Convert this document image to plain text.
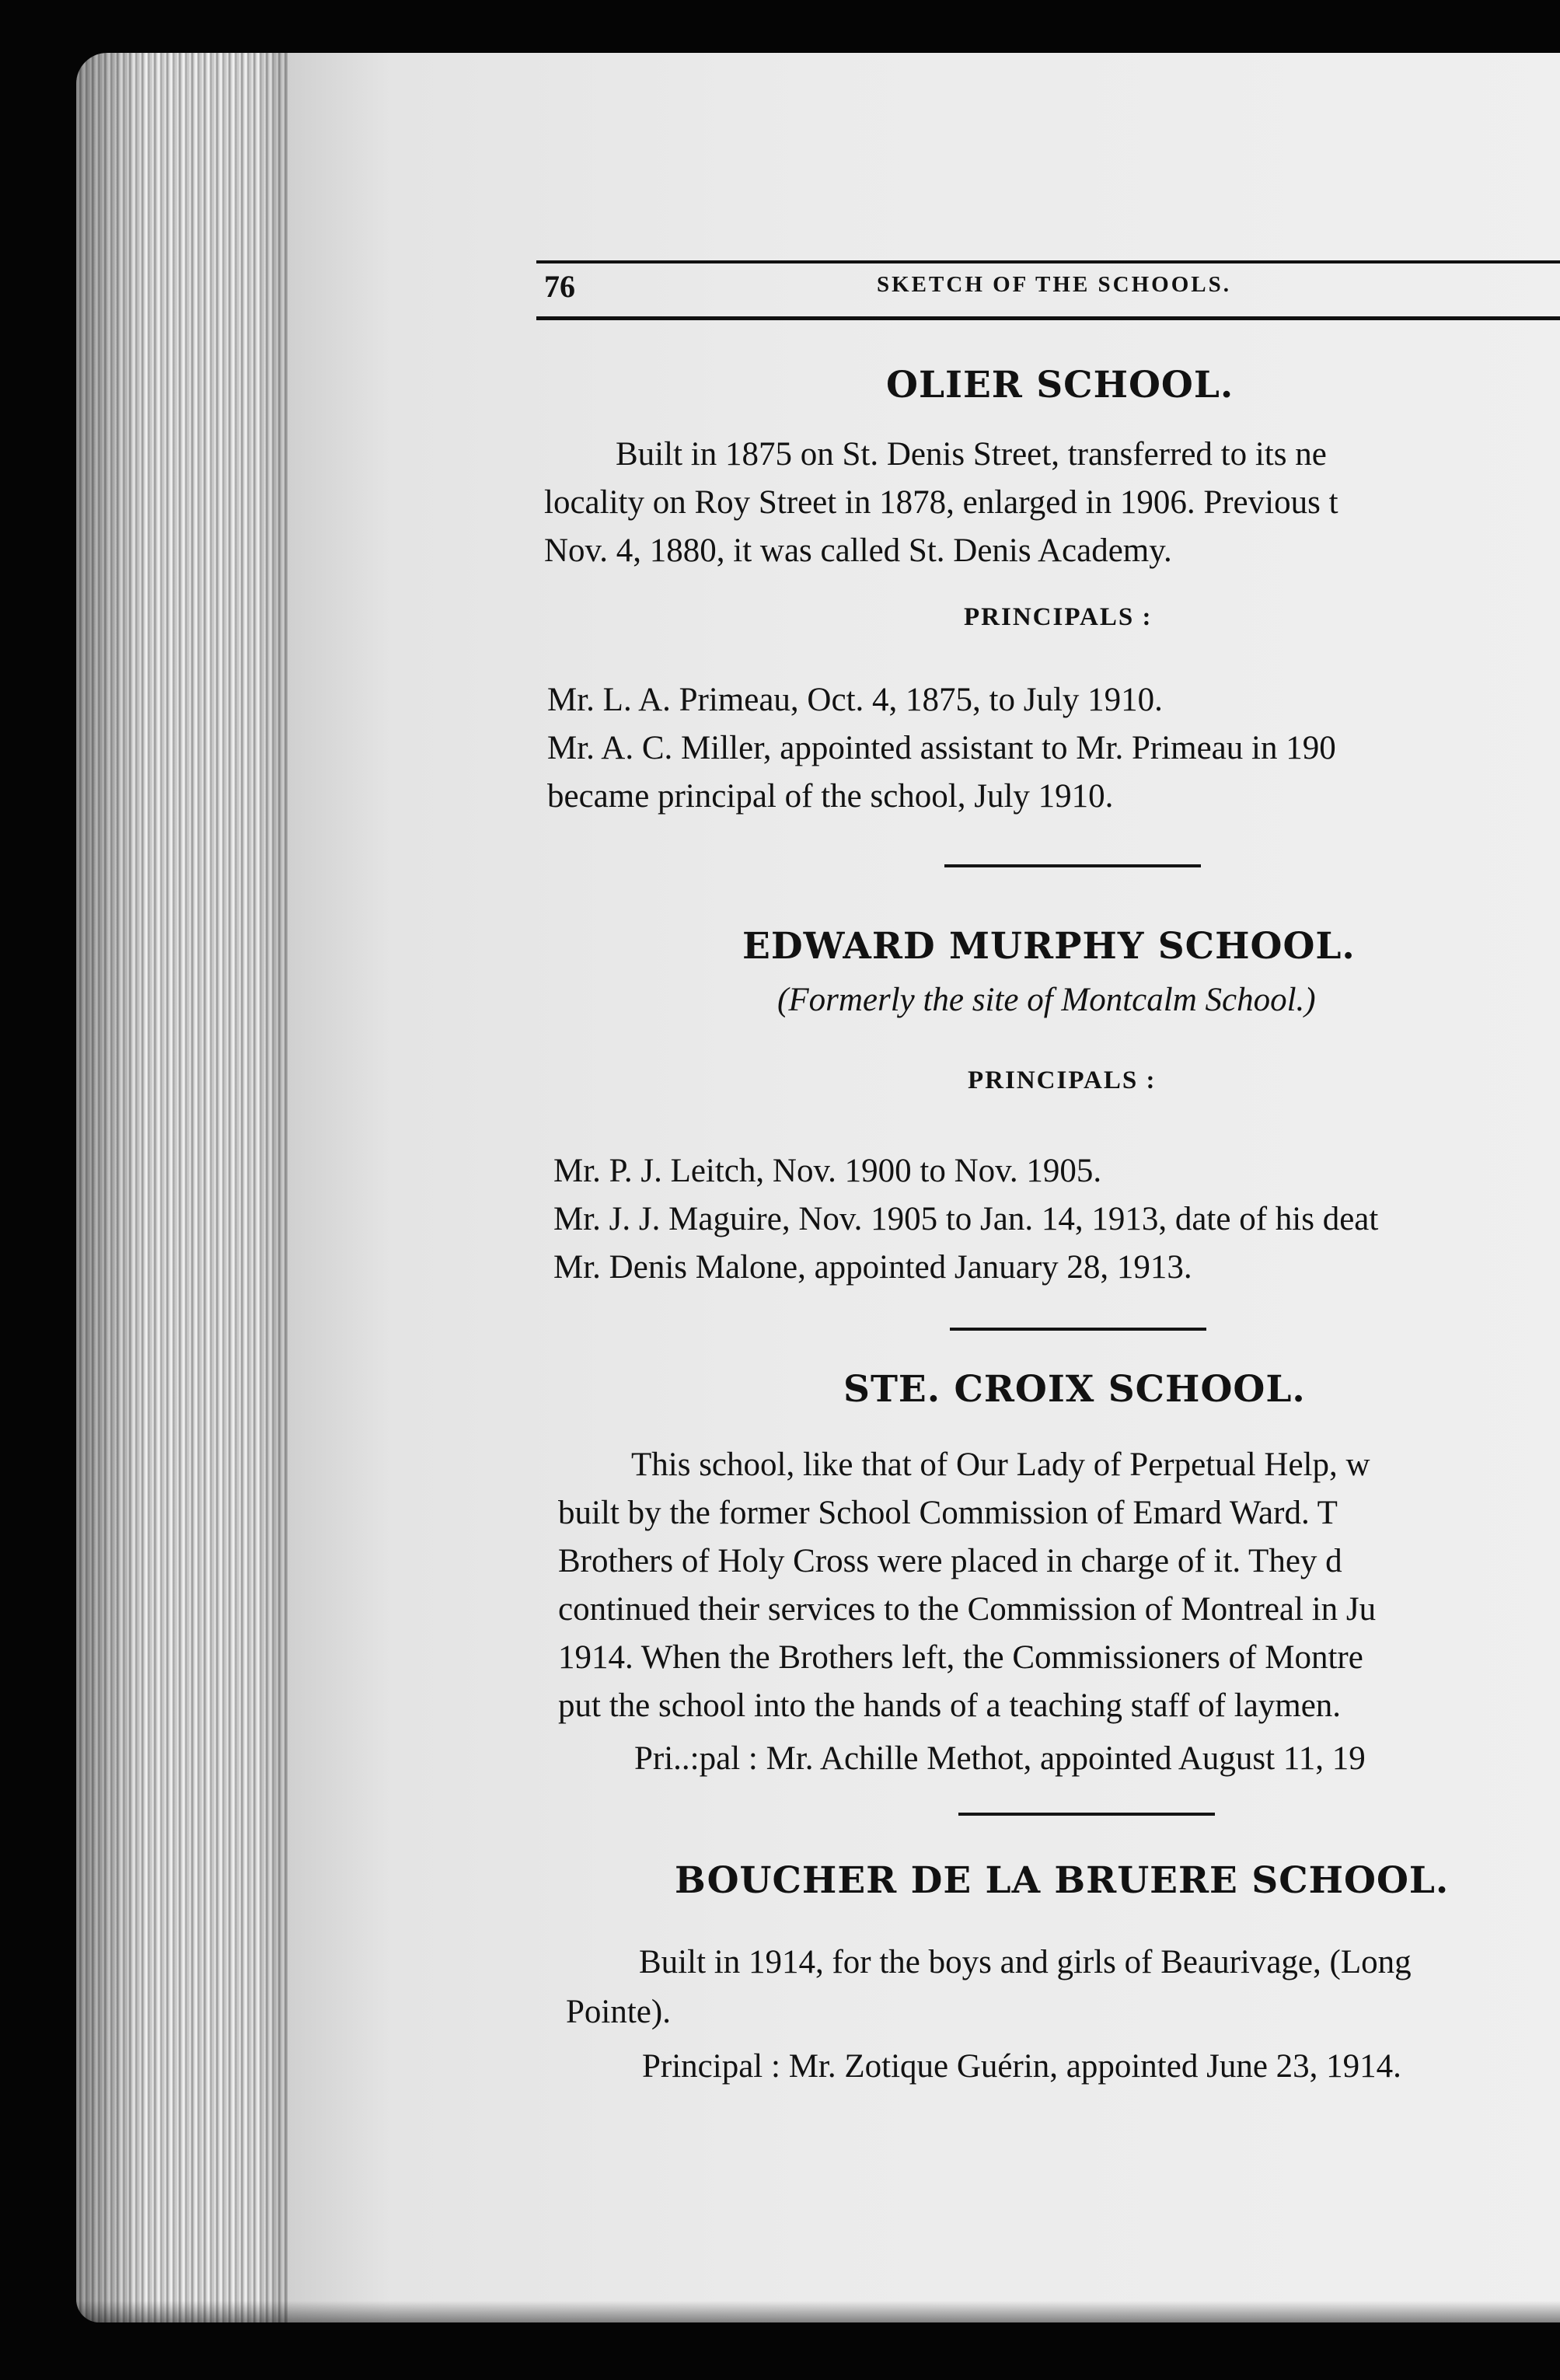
76	SKETCH OF THE SCHOOLS.
OLIER SCHOOL.
Built in 1875 on St. Denis Street, transferred to its ne
locality on Roy Street in 1878, enlarged in 1906. Previous t
Nov. 4, 1880, it was called St. Denis Academy.
PRINCIPALS :
Mr. L. A. Primeau, Oct. 4, 1875, to July 1910.
Mr. A. C. Miller, appointed assistant to Mr. Primeau in 190
became principal of the school, July 1910.
EDWARD MURPHY SCHOOL.
(Formerly the site of Montcalm School.)
PRINCIPALS :
Mr. P. J. Leitch, Nov. 1900 to Nov. 1905.
Mr. J. J. Maguire, Nov. 1905 to Jan. 14, 1913, date of his deat
Mr. Denis Malone, appointed January 28, 1913.
STE. CROIX SCHOOL.
This school, like that of Our Lady of Perpetual Help, w
built by the former School Commission of Emard Ward. T
Brothers of Holy Cross were placed in charge of it. They d
continued their services to the Commission of Montreal in Ju
1914. When the Brothers left, the Commissioners of Montre
put the school into the hands of a teaching staff of laymen.
Pri..:pal : Mr. Achille Methot, appointed August 11, 19
BOUCHER DE LA BRUERE SCHOOL.
Built in 1914, for the boys and girls of Beaurivage, (Long
Pointe).
Principal : Mr. Zotique Guérin, appointed June 23, 1914.
